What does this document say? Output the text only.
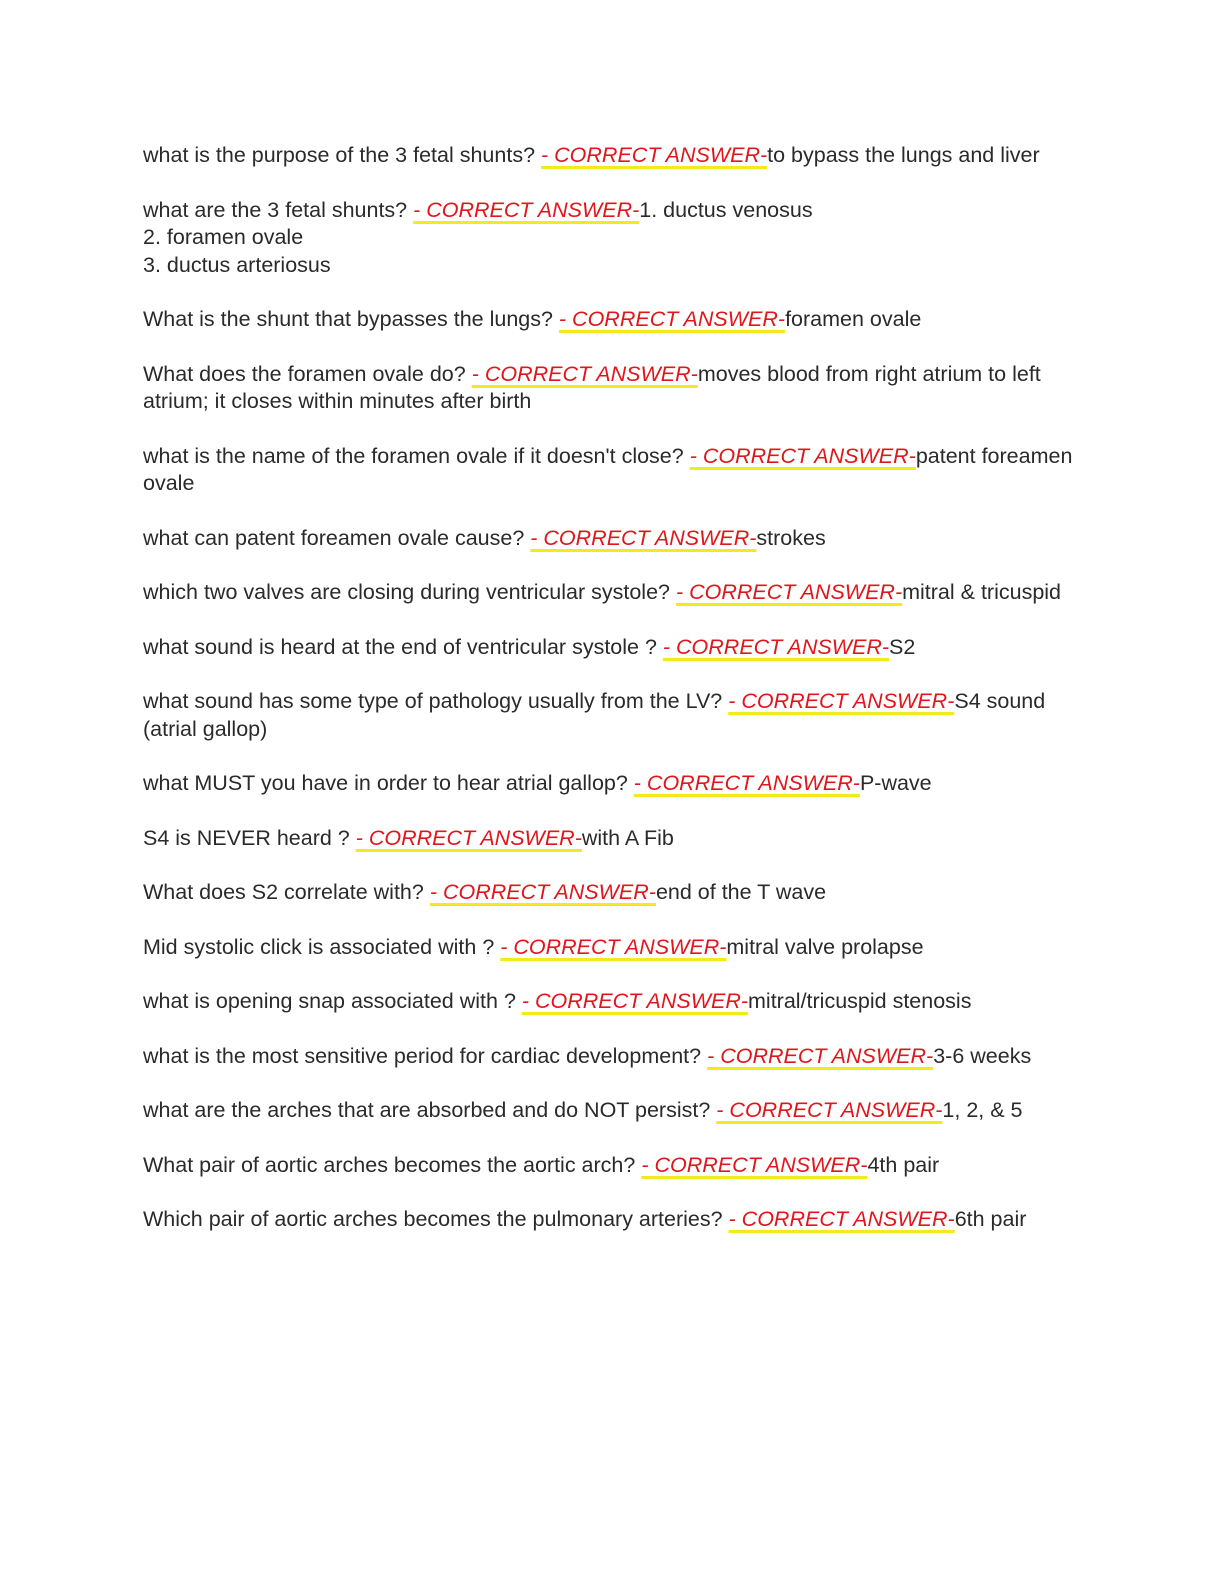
what is the purpose of the 3 fetal shunts? - CORRECT ANSWER-to bypass the lungs and liver
what are the 3 fetal shunts? - CORRECT ANSWER-1. ductus venosus
2. foramen ovale
3. ductus arteriosus
What is the shunt that bypasses the lungs? - CORRECT ANSWER-foramen ovale
What does the foramen ovale do? - CORRECT ANSWER-moves blood from right atrium to left atrium; it closes within minutes after birth
what is the name of the foramen ovale if it doesn't close? - CORRECT ANSWER-patent foreamen ovale
what can patent foreamen ovale cause? - CORRECT ANSWER-strokes
which two valves are closing during ventricular systole? - CORRECT ANSWER-mitral & tricuspid
what sound is heard at the end of ventricular systole ? - CORRECT ANSWER-S2
what sound has some type of pathology usually from the LV? - CORRECT ANSWER-S4 sound (atrial gallop)
what MUST you have in order to hear atrial gallop? - CORRECT ANSWER-P-wave
S4 is NEVER heard ? - CORRECT ANSWER-with A Fib
What does S2 correlate with? - CORRECT ANSWER-end of the T wave
Mid systolic click is associated with ? - CORRECT ANSWER-mitral valve prolapse
what is opening snap associated with ? - CORRECT ANSWER-mitral/tricuspid stenosis
what is the most sensitive period for cardiac development? - CORRECT ANSWER-3-6 weeks
what are the arches that are absorbed and do NOT persist? - CORRECT ANSWER-1, 2, & 5
What pair of aortic arches becomes the aortic arch? - CORRECT ANSWER-4th pair
Which pair of aortic arches becomes the pulmonary arteries? - CORRECT ANSWER-6th pair
